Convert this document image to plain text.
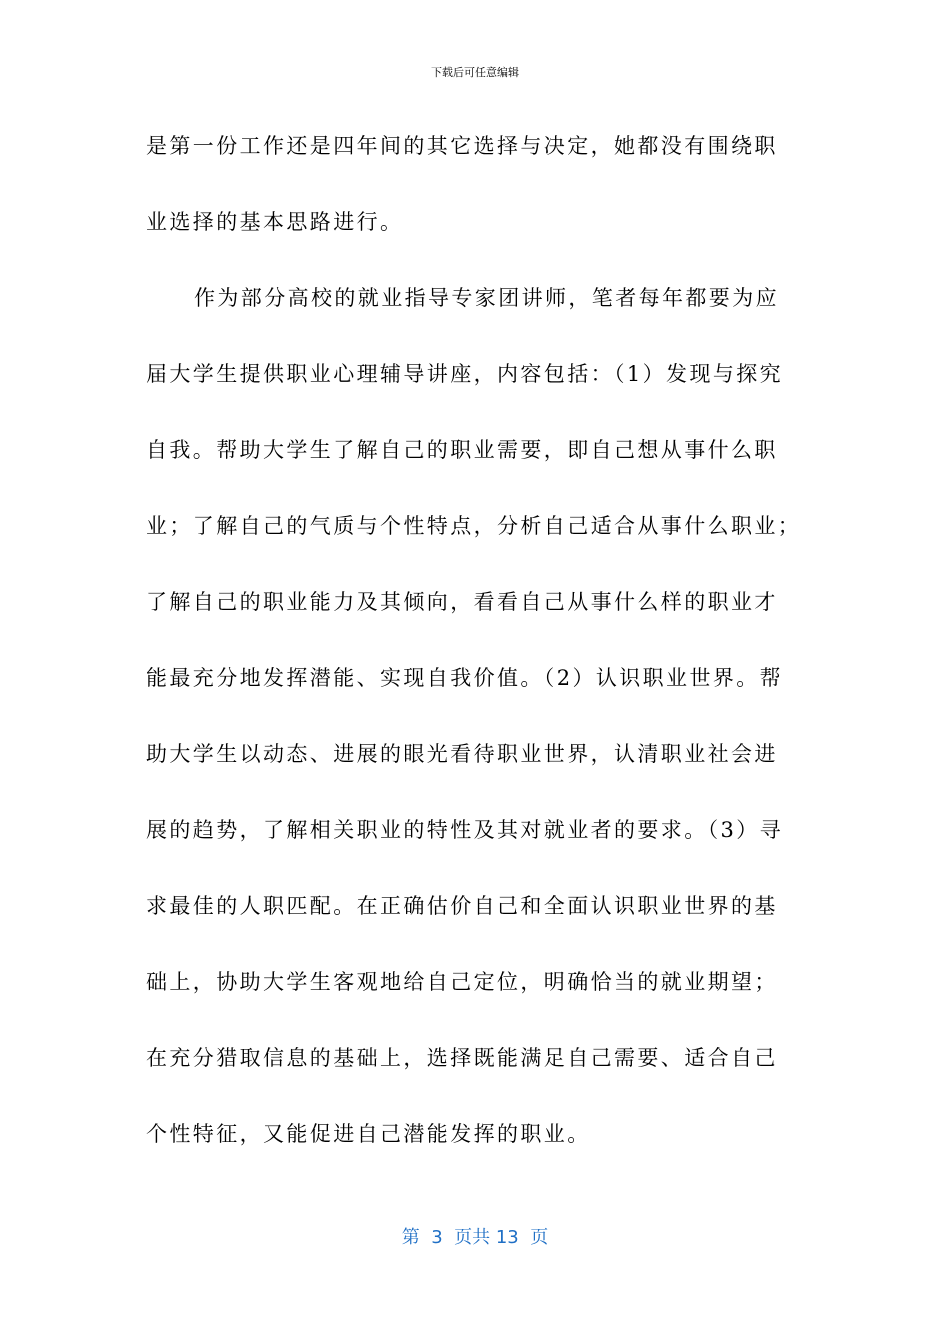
下载后可任意编辑
是第一份工作还是四年间的其它选择与决定，她都没有围绕职
业选择的基本思路进行。
作为部分高校的就业指导专家团讲师，笔者每年都要为应
届大学生提供职业心理辅导讲座，内容包括：（1）发现与探究
自我。帮助大学生了解自己的职业需要，即自己想从事什么职
业；了解自己的气质与个性特点，分析自己适合从事什么职业；
了解自己的职业能力及其倾向，看看自己从事什么样的职业才
能最充分地发挥潜能、实现自我价值。（2）认识职业世界。帮
助大学生以动态、进展的眼光看待职业世界，认清职业社会进
展的趋势，了解相关职业的特性及其对就业者的要求。（3）寻
求最佳的人职匹配。在正确估价自己和全面认识职业世界的基
础上，协助大学生客观地给自己定位，明确恰当的就业期望；
在充分猎取信息的基础上，选择既能满足自己需要、适合自己
个性特征，又能促进自己潜能发挥的职业。
第  3  页共 13  页
